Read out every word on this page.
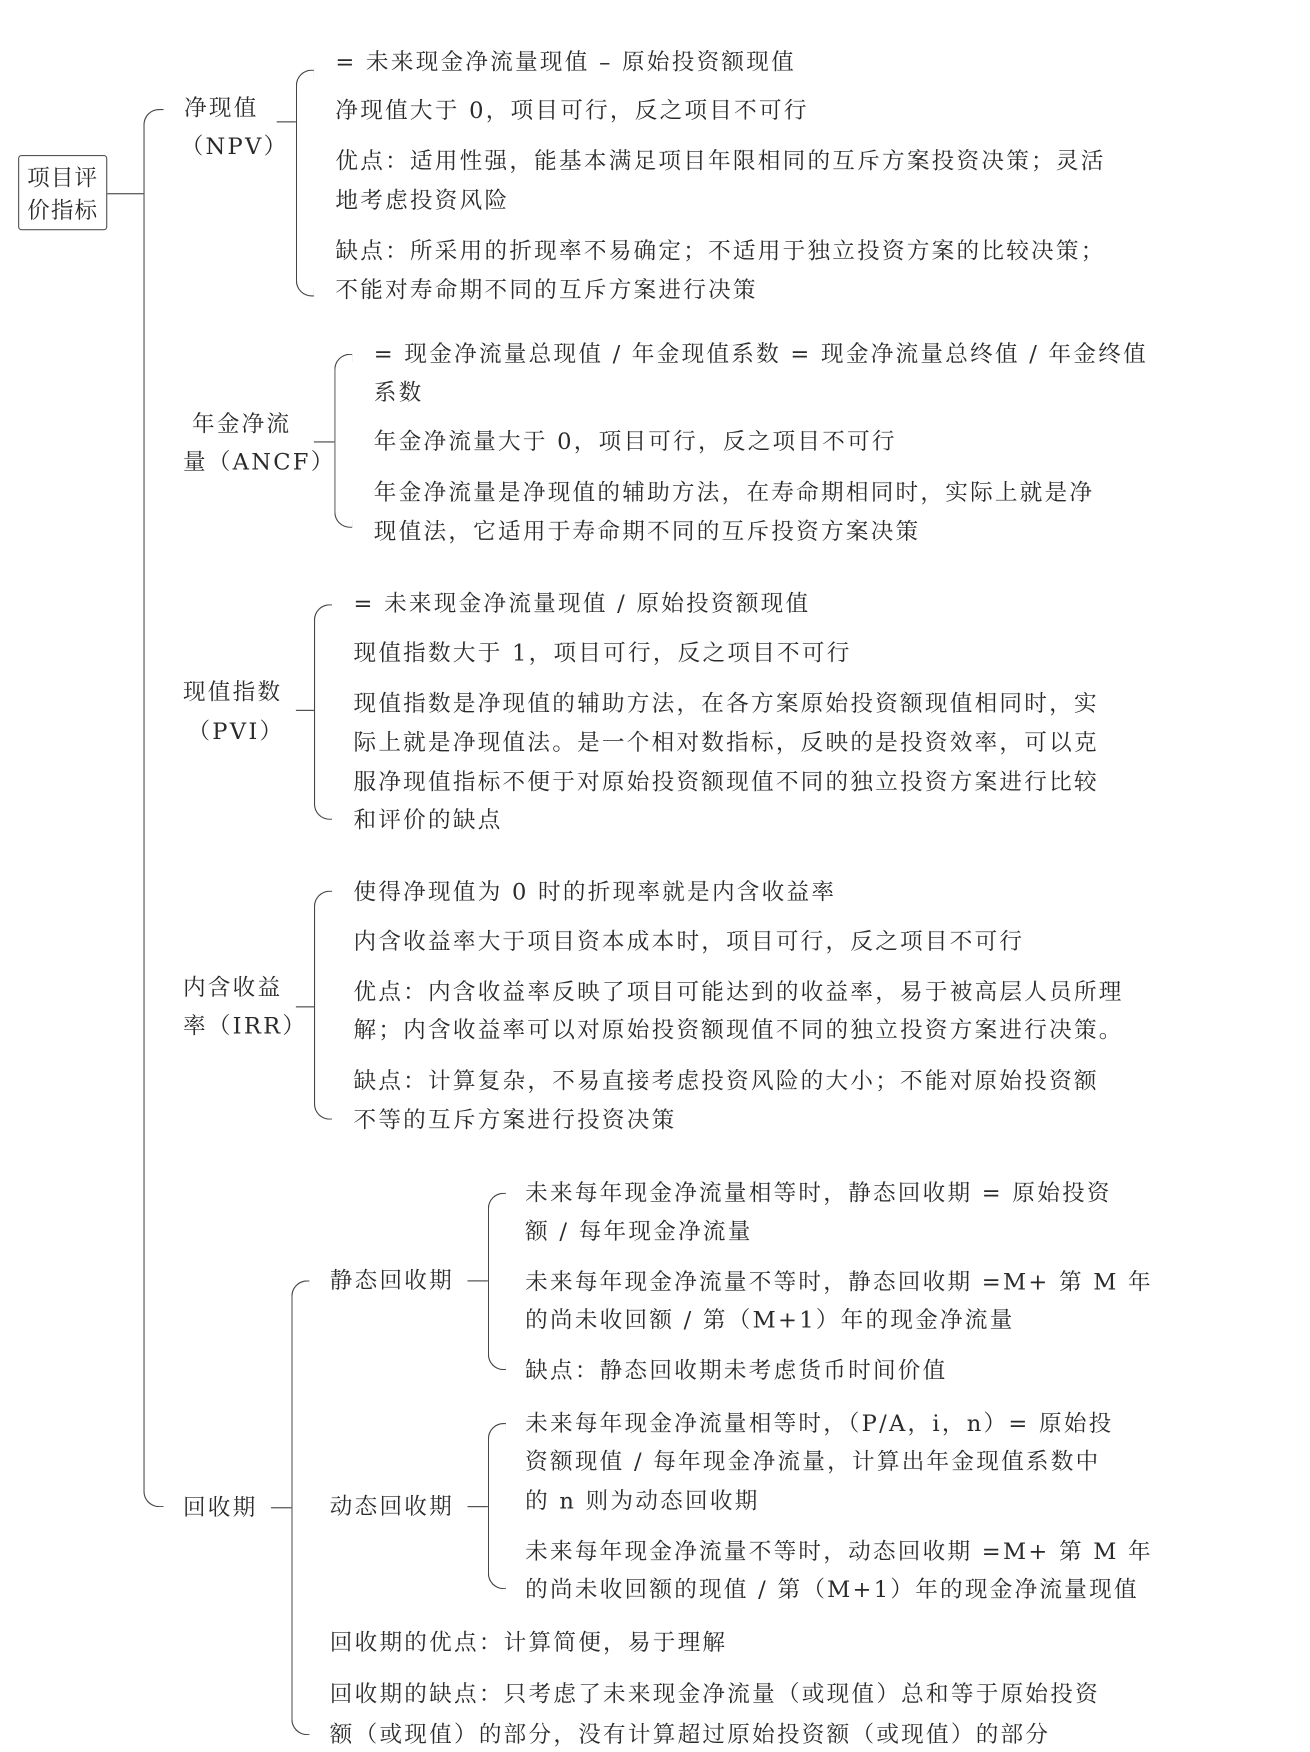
项目评
价指标
净现值
（NPV）
= 未来现金净流量现值 – 原始投资额现值
净现值大于 0，项目可行，反之项目不可行
优点：适用性强，能基本满足项目年限相同的互斥方案投资决策；灵活
地考虑投资风险
缺点：所采用的折现率不易确定；不适用于独立投资方案的比较决策；
不能对寿命期不同的互斥方案进行决策
年金净流
量（ANCF）
= 现金净流量总现值 / 年金现值系数 = 现金净流量总终值 / 年金终值
系数
年金净流量大于 0，项目可行，反之项目不可行
年金净流量是净现值的辅助方法，在寿命期相同时，实际上就是净
现值法，它适用于寿命期不同的互斥投资方案决策
现值指数
（PVI）
= 未来现金净流量现值 / 原始投资额现值
现值指数大于 1，项目可行，反之项目不可行
现值指数是净现值的辅助方法，在各方案原始投资额现值相同时，实
际上就是净现值法。是一个相对数指标，反映的是投资效率，可以克
服净现值指标不便于对原始投资额现值不同的独立投资方案进行比较
和评价的缺点
内含收益
率（IRR）
使得净现值为 0 时的折现率就是内含收益率
内含收益率大于项目资本成本时，项目可行，反之项目不可行
优点：内含收益率反映了项目可能达到的收益率，易于被高层人员所理
解；内含收益率可以对原始投资额现值不同的独立投资方案进行决策。
缺点：计算复杂，不易直接考虑投资风险的大小；不能对原始投资额
不等的互斥方案进行投资决策
回收期
静态回收期
未来每年现金净流量相等时，静态回收期 = 原始投资
额 / 每年现金净流量
未来每年现金净流量不等时，静态回收期 =M+ 第 M 年
的尚未收回额 / 第（M+1）年的现金净流量
缺点：静态回收期未考虑货币时间价值
动态回收期
未来每年现金净流量相等时，（P/A，i，n）= 原始投
资额现值 / 每年现金净流量，计算出年金现值系数中
的 n 则为动态回收期
未来每年现金净流量不等时，动态回收期 =M+ 第 M 年
的尚未收回额的现值 / 第（M+1）年的现金净流量现值
回收期的优点：计算简便，易于理解
回收期的缺点：只考虑了未来现金净流量（或现值）总和等于原始投资
额（或现值）的部分，没有计算超过原始投资额（或现值）的部分
